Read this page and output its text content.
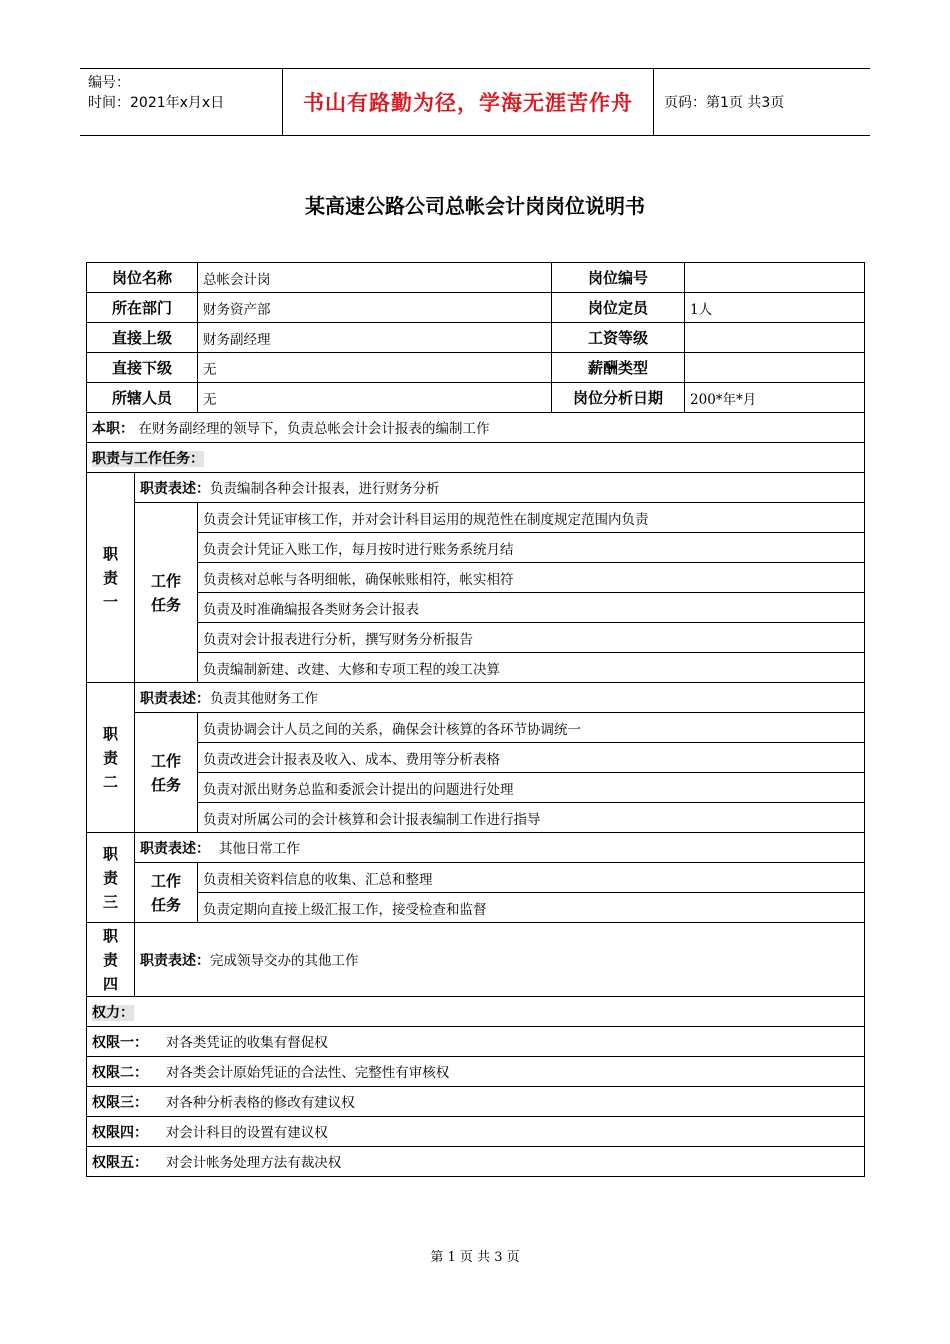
编号：
时间：2021年x月x日	书山有路勤为径，学海无涯苦作舟	页码：第1页 共3页
某高速公路公司总帐会计岗岗位说明书
岗位名称		总帐会计岗	岗位编号	
所在部门		财务资产部	岗位定员	1人
直接上级		财务副经理	工资等级	
直接下级		无	薪酬类型	
所辖人员		无	岗位分析日期	200*年*月
本职： 在财务副经理的领导下，负责总帐会计会计报表的编制工作				
职责与工作任务：				
职
责
一	职责表述：负责编制各种会计报表，进行财务分析			
	工作
任务	负责会计凭证审核工作，并对会计科目运用的规范性在制度规定范围内负责		
		负责会计凭证入账工作，每月按时进行账务系统月结		
		负责核对总帐与各明细帐，确保帐账相符，帐实相符		
		负责及时准确编报各类财务会计报表		
		负责对会计报表进行分析，撰写财务分析报告		
		负责编制新建、改建、大修和专项工程的竣工决算		
职
责
二	职责表述：负责其他财务工作			
	工作
任务	负责协调会计人员之间的关系，确保会计核算的各环节协调统一		
		负责改进会计报表及收入、成本、费用等分析表格		
		负责对派出财务总监和委派会计提出的问题进行处理		
		负责对所属公司的会计核算和会计报表编制工作进行指导		
职
责
三	职责表述： 其他日常工作			
	工作
任务	负责相关资料信息的收集、汇总和整理		
		负责定期向直接上级汇报工作，接受检查和监督		
职
责
四	职责表述：完成领导交办的其他工作			
权力：				
权限一： 对各类凭证的收集有督促权				
权限二： 对各类会计原始凭证的合法性、完整性有审核权				
权限三： 对各种分析表格的修改有建议权				
权限四： 对会计科目的设置有建议权				
权限五： 对会计帐务处理方法有裁决权				
第 1 页 共 3 页
